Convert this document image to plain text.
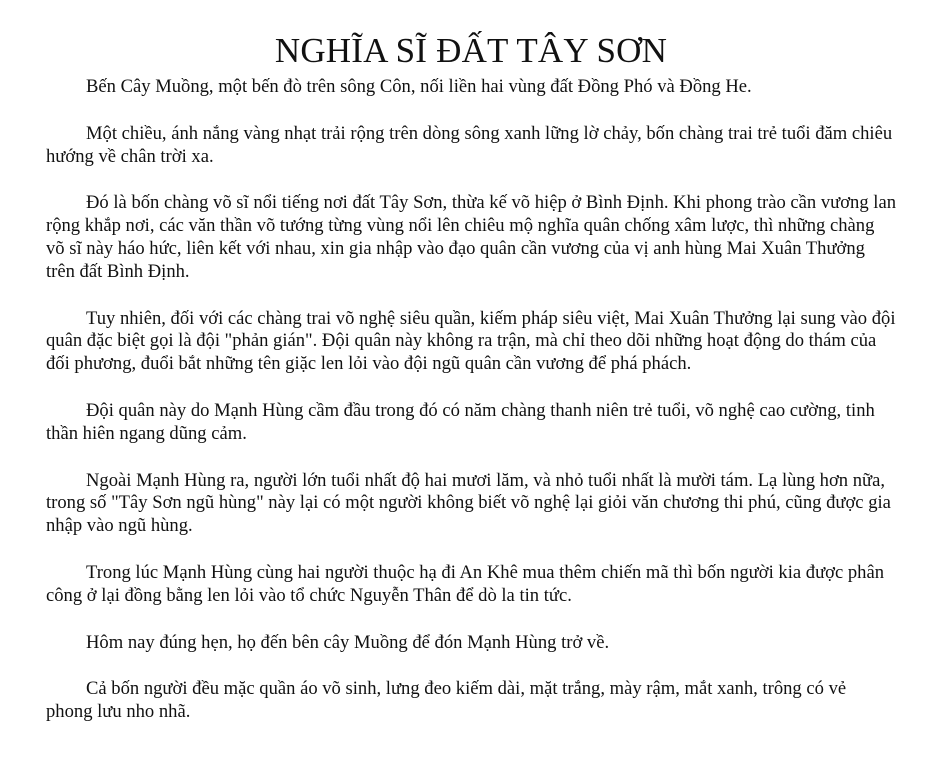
NGHĨA SĨ ĐẤT TÂY SƠN

Bến Cây Muồng, một bến đò trên sông Côn, nối liền hai vùng đất Đồng Phó và Đồng He.

Một chiều, ánh nắng vàng nhạt trải rộng trên dòng sông xanh lững lờ chảy, bốn chàng trai trẻ tuổi đăm chiêu hướng về chân trời xa.

Đó là bốn chàng võ sĩ nổi tiếng nơi đất Tây Sơn, thừa kế võ hiệp ở Bình Định. Khi phong trào cần vương lan rộng khắp nơi, các văn thần võ tướng từng vùng nổi lên chiêu mộ nghĩa quân chống xâm lược, thì những chàng võ sĩ này háo hức, liên kết với nhau, xin gia nhập vào đạo quân cần vương của vị anh hùng Mai Xuân Thưởng trên đất Bình Định.

Tuy nhiên, đối với các chàng trai võ nghệ siêu quần, kiếm pháp siêu việt, Mai Xuân Thưởng lại sung vào đội quân đặc biệt gọi là đội "phản gián". Đội quân này không ra trận, mà chỉ theo dõi những hoạt động do thám của đối phương, đuổi bắt những tên giặc len lỏi vào đội ngũ quân cần vương để phá phách.

Đội quân này do Mạnh Hùng cầm đầu trong đó có năm chàng thanh niên trẻ tuổi, võ nghệ cao cường, tinh thần hiên ngang dũng cảm.

Ngoài Mạnh Hùng ra, người lớn tuổi nhất độ hai mươi lăm, và nhỏ tuổi nhất là mười tám. Lạ lùng hơn nữa, trong số "Tây Sơn ngũ hùng" này lại có một người không biết võ nghệ lại giỏi văn chương thi phú, cũng được gia nhập vào ngũ hùng.

Trong lúc Mạnh Hùng cùng hai người thuộc hạ đi An Khê mua thêm chiến mã thì bốn người kia được phân công ở lại đồng bằng len lỏi vào tổ chức Nguyễn Thân để dò la tin tức.

Hôm nay đúng hẹn, họ đến bên cây Muồng để đón Mạnh Hùng trở về.

Cả bốn người đều mặc quần áo võ sinh, lưng đeo kiếm dài, mặt trắng, mày rậm, mắt xanh, trông có vẻ phong lưu nho nhã.
